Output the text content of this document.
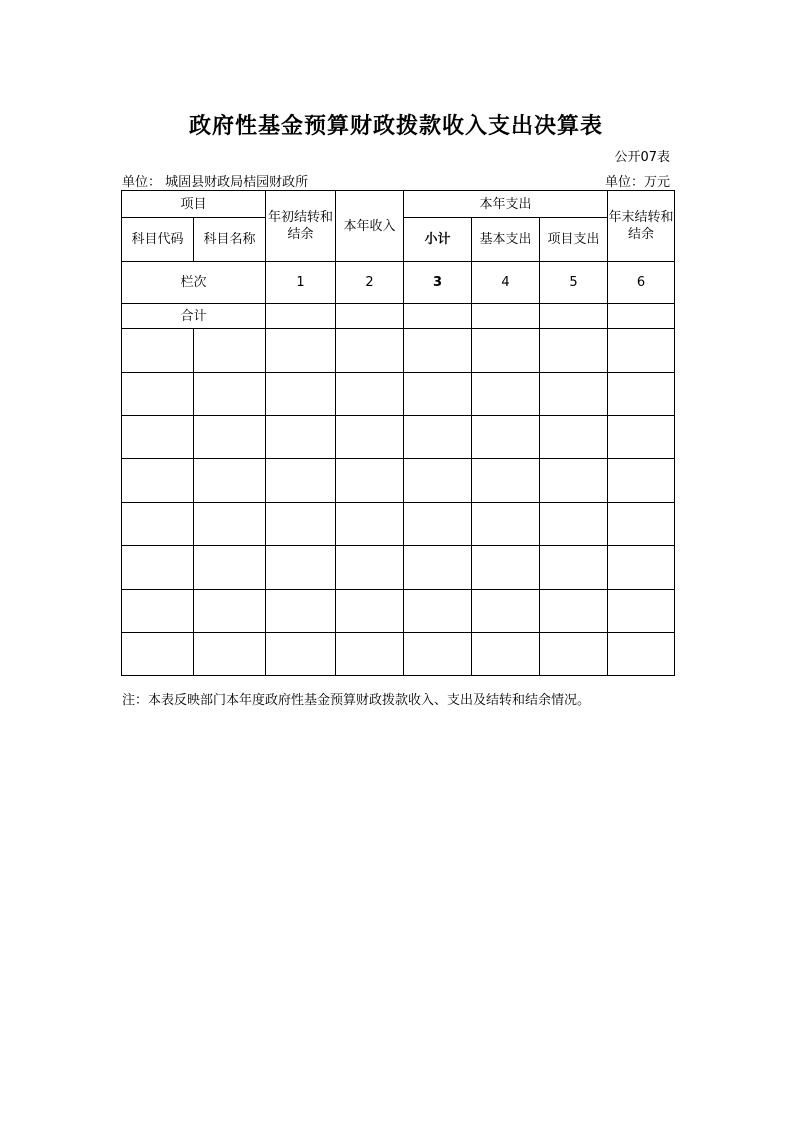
政府性基金预算财政拨款收入支出决算表
公开07表
单位： 城固县财政局桔园财政所	单位：万元
项目		年初结转和结余	本年收入	本年支出			年末结转和结余
科目代码	科目名称			小计	基本支出	项目支出	
栏次		1	2	3	4	5	6
合计							

注：本表反映部门本年度政府性基金预算财政拨款收入、支出及结转和结余情况。
